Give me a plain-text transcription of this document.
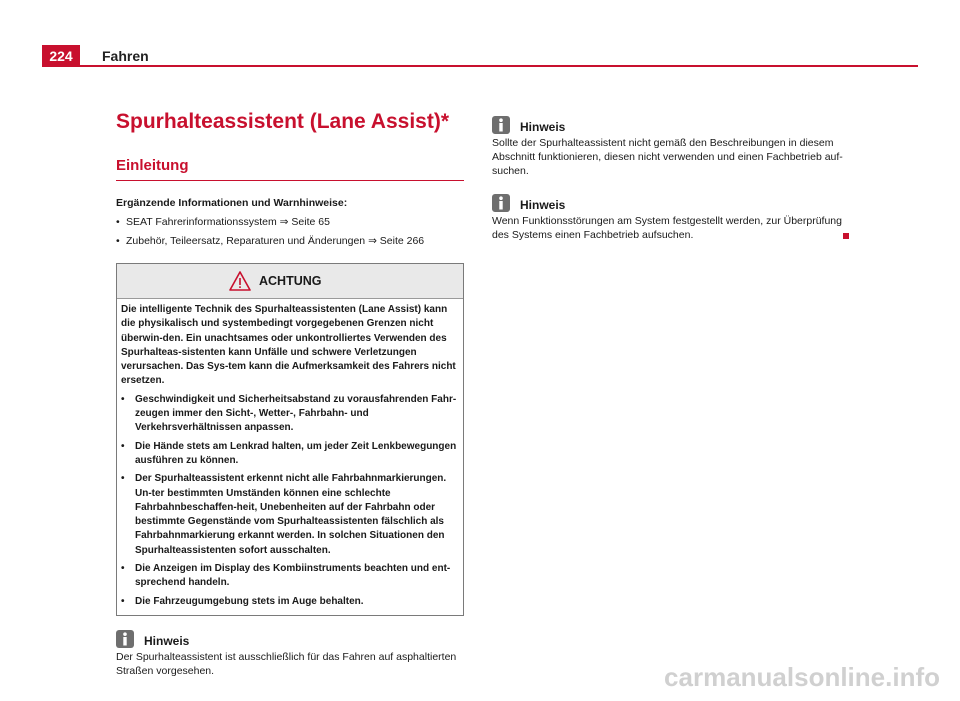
224	Fahren
Spurhalteassistent (Lane Assist)*
Einleitung
Ergänzende Informationen und Warnhinweise:
• SEAT Fahrerinformationssystem ⇒ Seite 65
• Zubehör, Teileersatz, Reparaturen und Änderungen ⇒ Seite 266
ACHTUNG

Die intelligente Technik des Spurhalteassistenten (Lane Assist) kann die physikalisch und systembedingt vorgegebenen Grenzen nicht überwin-den. Ein unachtsames oder unkontrolliertes Verwenden des Spurhalteas-sistenten kann Unfälle und schwere Verletzungen verursachen. Das Sys-tem kann die Aufmerksamkeit des Fahrers nicht ersetzen.

•	Geschwindigkeit und Sicherheitsabstand zu vorausfahrenden Fahr-zeugen immer den Sicht-, Wetter-, Fahrbahn- und Verkehrsverhältnissen anpassen.
•	Die Hände stets am Lenkrad halten, um jeder Zeit Lenkbewegungen ausführen zu können.
•	Der Spurhalteassistent erkennt nicht alle Fahrbahnmarkierungen. Un-ter bestimmten Umständen können eine schlechte Fahrbahnbeschaffen-heit, Unebenheiten auf der Fahrbahn oder bestimmte Gegenstände vom Spurhalteassistenten fälschlich als Fahrbahnmarkierung erkannt werden. In solchen Situationen den Spurhalteassistenten sofort ausschalten.
•	Die Anzeigen im Display des Kombiinstruments beachten und ent-sprechend handeln.
•	Die Fahrzeugumgebung stets im Auge behalten.
Hinweis
Der Spurhalteassistent ist ausschließlich für das Fahren auf asphaltierten Straßen vorgesehen.
Hinweis
Sollte der Spurhalteassistent nicht gemäß den Beschreibungen in diesem Abschnitt funktionieren, diesen nicht verwenden und einen Fachbetrieb auf-suchen.
Hinweis
Wenn Funktionsstörungen am System festgestellt werden, zur Überprüfung des Systems einen Fachbetrieb aufsuchen.
carmanualsonline.info
